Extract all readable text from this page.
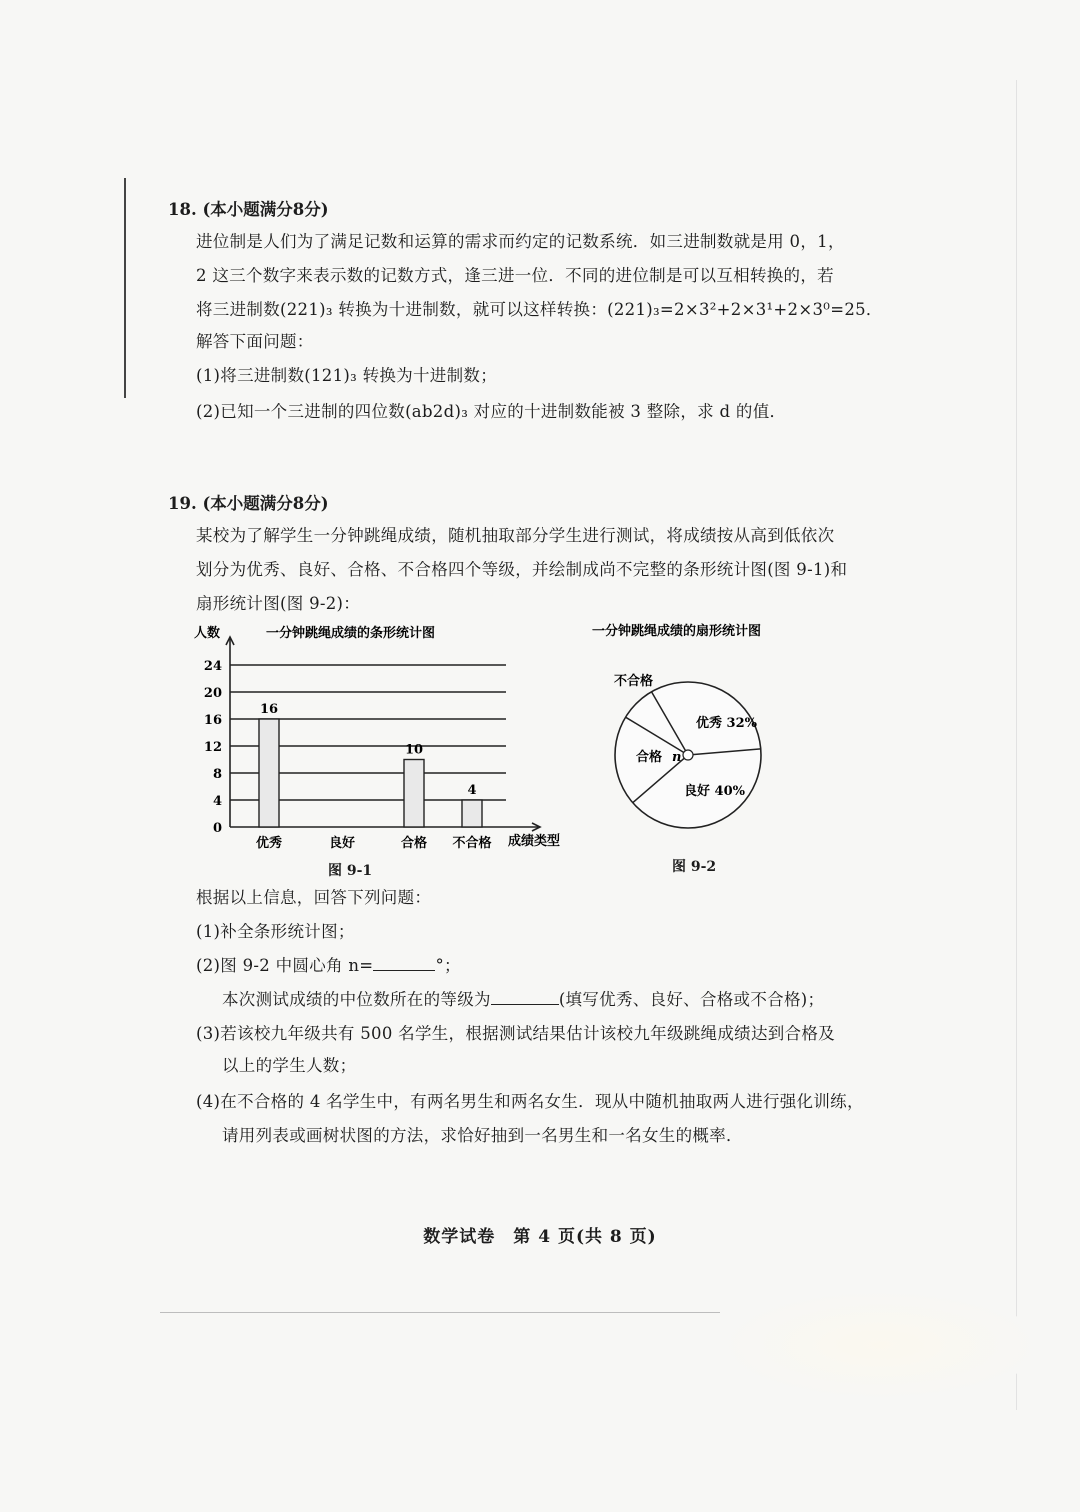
18. (本小题满分8分)
进位制是人们为了满足记数和运算的需求而约定的记数系统．如三进制数就是用 0，1，
2 这三个数字来表示数的记数方式，逢三进一位．不同的进位制是可以互相转换的，若
将三进制数(221)₃ 转换为十进制数，就可以这样转换：(221)₃=2×3²+2×3¹+2×3⁰=25．
解答下面问题：
(1)将三进制数(121)₃ 转换为十进制数；
(2)已知一个三进制的四位数(ab2d)₃ 对应的十进制数能被 3 整除，求 d 的值．
19. (本小题满分8分)
某校为了解学生一分钟跳绳成绩，随机抽取部分学生进行测试，将成绩按从高到低依次
划分为优秀、良好、合格、不合格四个等级，并绘制成尚不完整的条形统计图(图 9-1)和
扇形统计图(图 9-2)：
0
4
8
12
16
20
24
人数	一分钟跳绳成绩的条形统计图
成绩类型
16
优秀	良好
10
合格
4
不合格
图 9-1
一分钟跳绳成绩的扇形统计图
优秀 32%
良好 40%
合格
不合格
n
图 9-2
根据以上信息，回答下列问题：
(1)补全条形统计图；
(2)图 9-2 中圆心角 n=	°；
本次测试成绩的中位数所在的等级为	(填写优秀、良好、合格或不合格)；
(3)若该校九年级共有 500 名学生，根据测试结果估计该校九年级跳绳成绩达到合格及
以上的学生人数；
(4)在不合格的 4 名学生中，有两名男生和两名女生．现从中随机抽取两人进行强化训练，
请用列表或画树状图的方法，求恰好抽到一名男生和一名女生的概率．
数学试卷　第 4 页(共 8 页)
